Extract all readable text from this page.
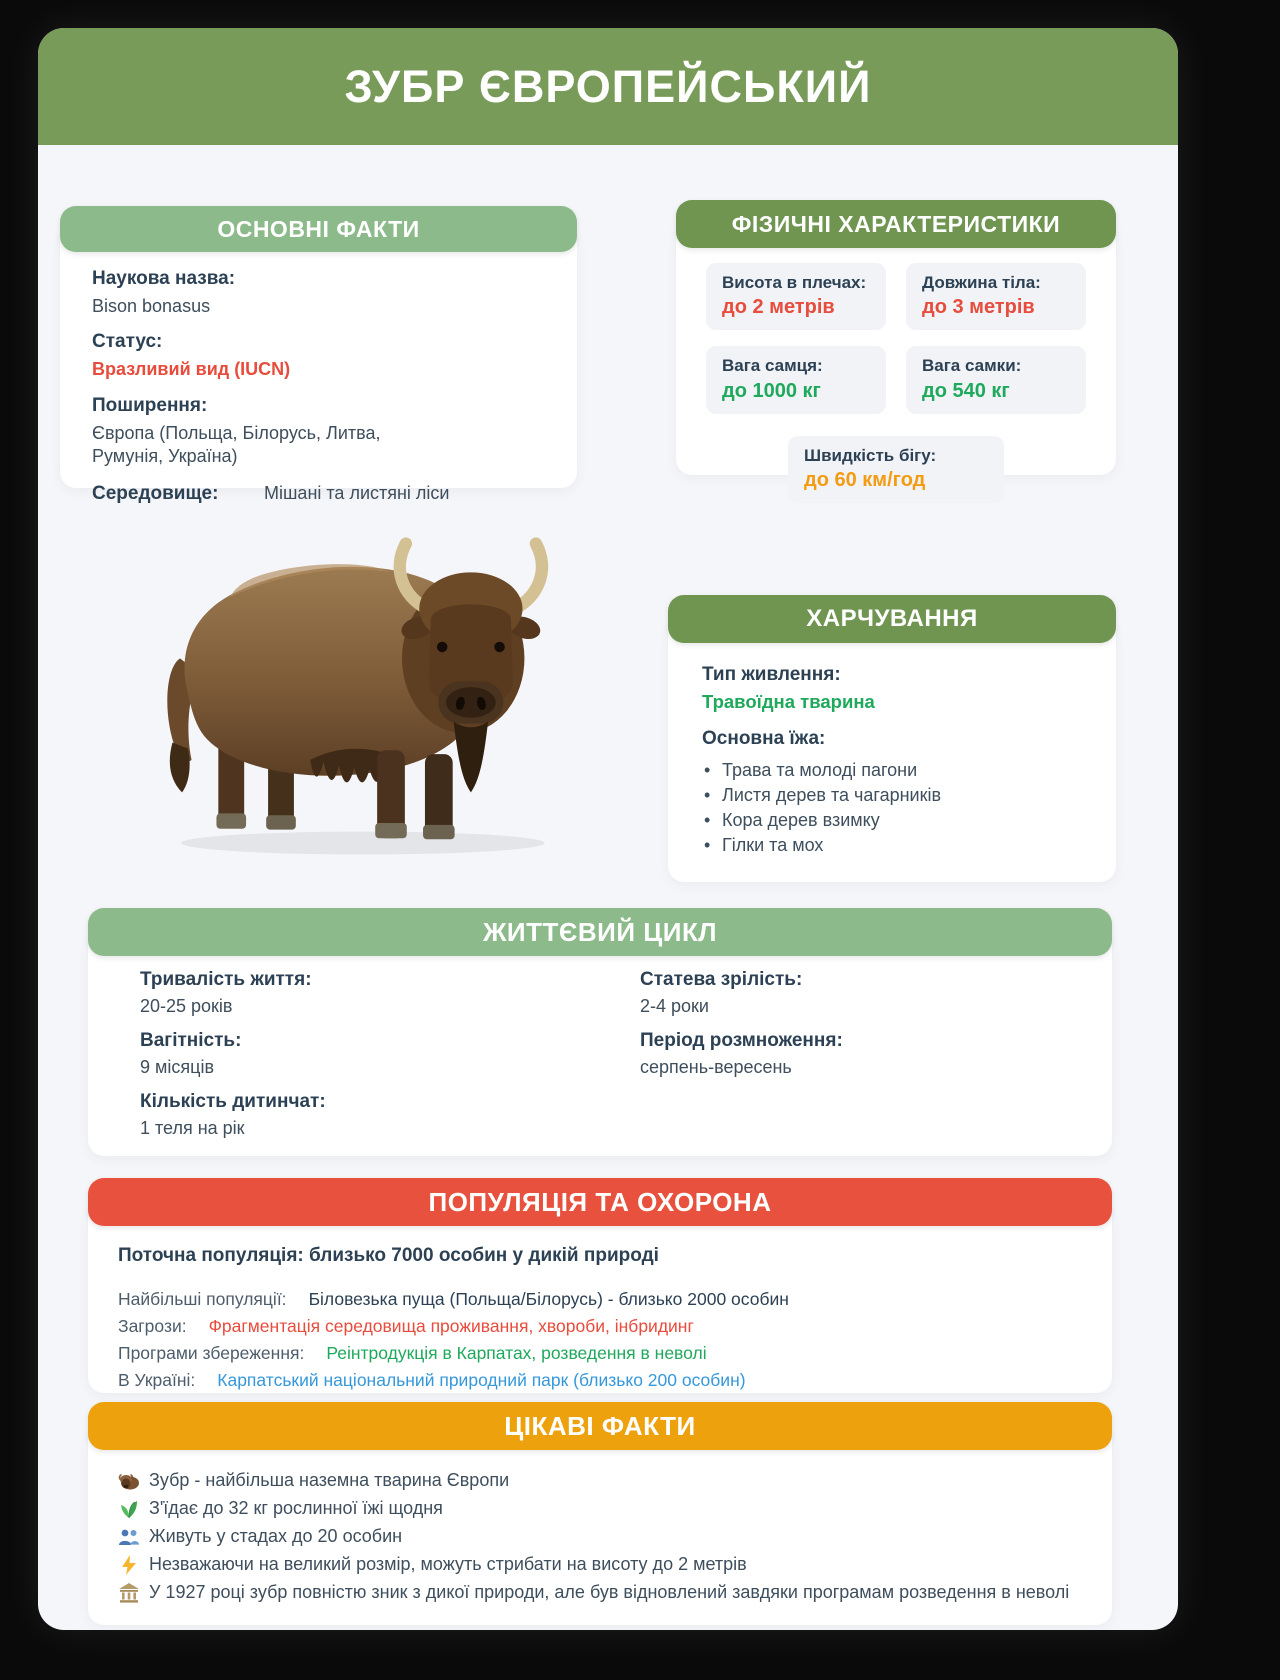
ЗУБР ЄВРОПЕЙСЬКИЙ
ОСНОВНІ ФАКТИ
Наукова назва:
Bison bonasus
Статус:
Вразливий вид (IUCN)
Поширення:
Європа (Польща, Білорусь, Литва, Румунія, Україна)
Середовище:	Мішані та листяні ліси
ФІЗИЧНІ ХАРАКТЕРИСТИКИ
Висота в плечах:
до 2 метрів
Довжина тіла:
до 3 метрів
Вага самця:
до 1000 кг
Вага самки:
до 540 кг
Швидкість бігу:
до 60 км/год
ХАРЧУВАННЯ
Тип живлення:
Травоїдна тварина
Основна їжа:
• Трава та молоді пагони
• Листя дерев та чагарників
• Кора дерев взимку
• Гілки та мох
ЖИТТЄВИЙ ЦИКЛ
Тривалість життя:
20-25 років
Вагітність:
9 місяців
Кількість дитинчат:
1 теля на рік
Статева зрілість:
2-4 роки
Період розмноження:
серпень-вересень
ПОПУЛЯЦІЯ ТА ОХОРОНА
Поточна популяція: близько 7000 особин у дикій природі
Найбільші популяції: Біловезька пуща (Польща/Білорусь) - близько 2000 особин
Загрози: Фрагментація середовища проживання, хвороби, інбридинг
Програми збереження: Реінтродукція в Карпатах, розведення в неволі
В Україні: Карпатський національний природний парк (близько 200 особин)
ЦІКАВІ ФАКТИ
Зубр - найбільша наземна тварина Європи
З'їдає до 32 кг рослинної їжі щодня
Живуть у стадах до 20 особин
Незважаючи на великий розмір, можуть стрибати на висоту до 2 метрів
У 1927 році зубр повністю зник з дикої природи, але був відновлений завдяки програмам розведення в неволі
